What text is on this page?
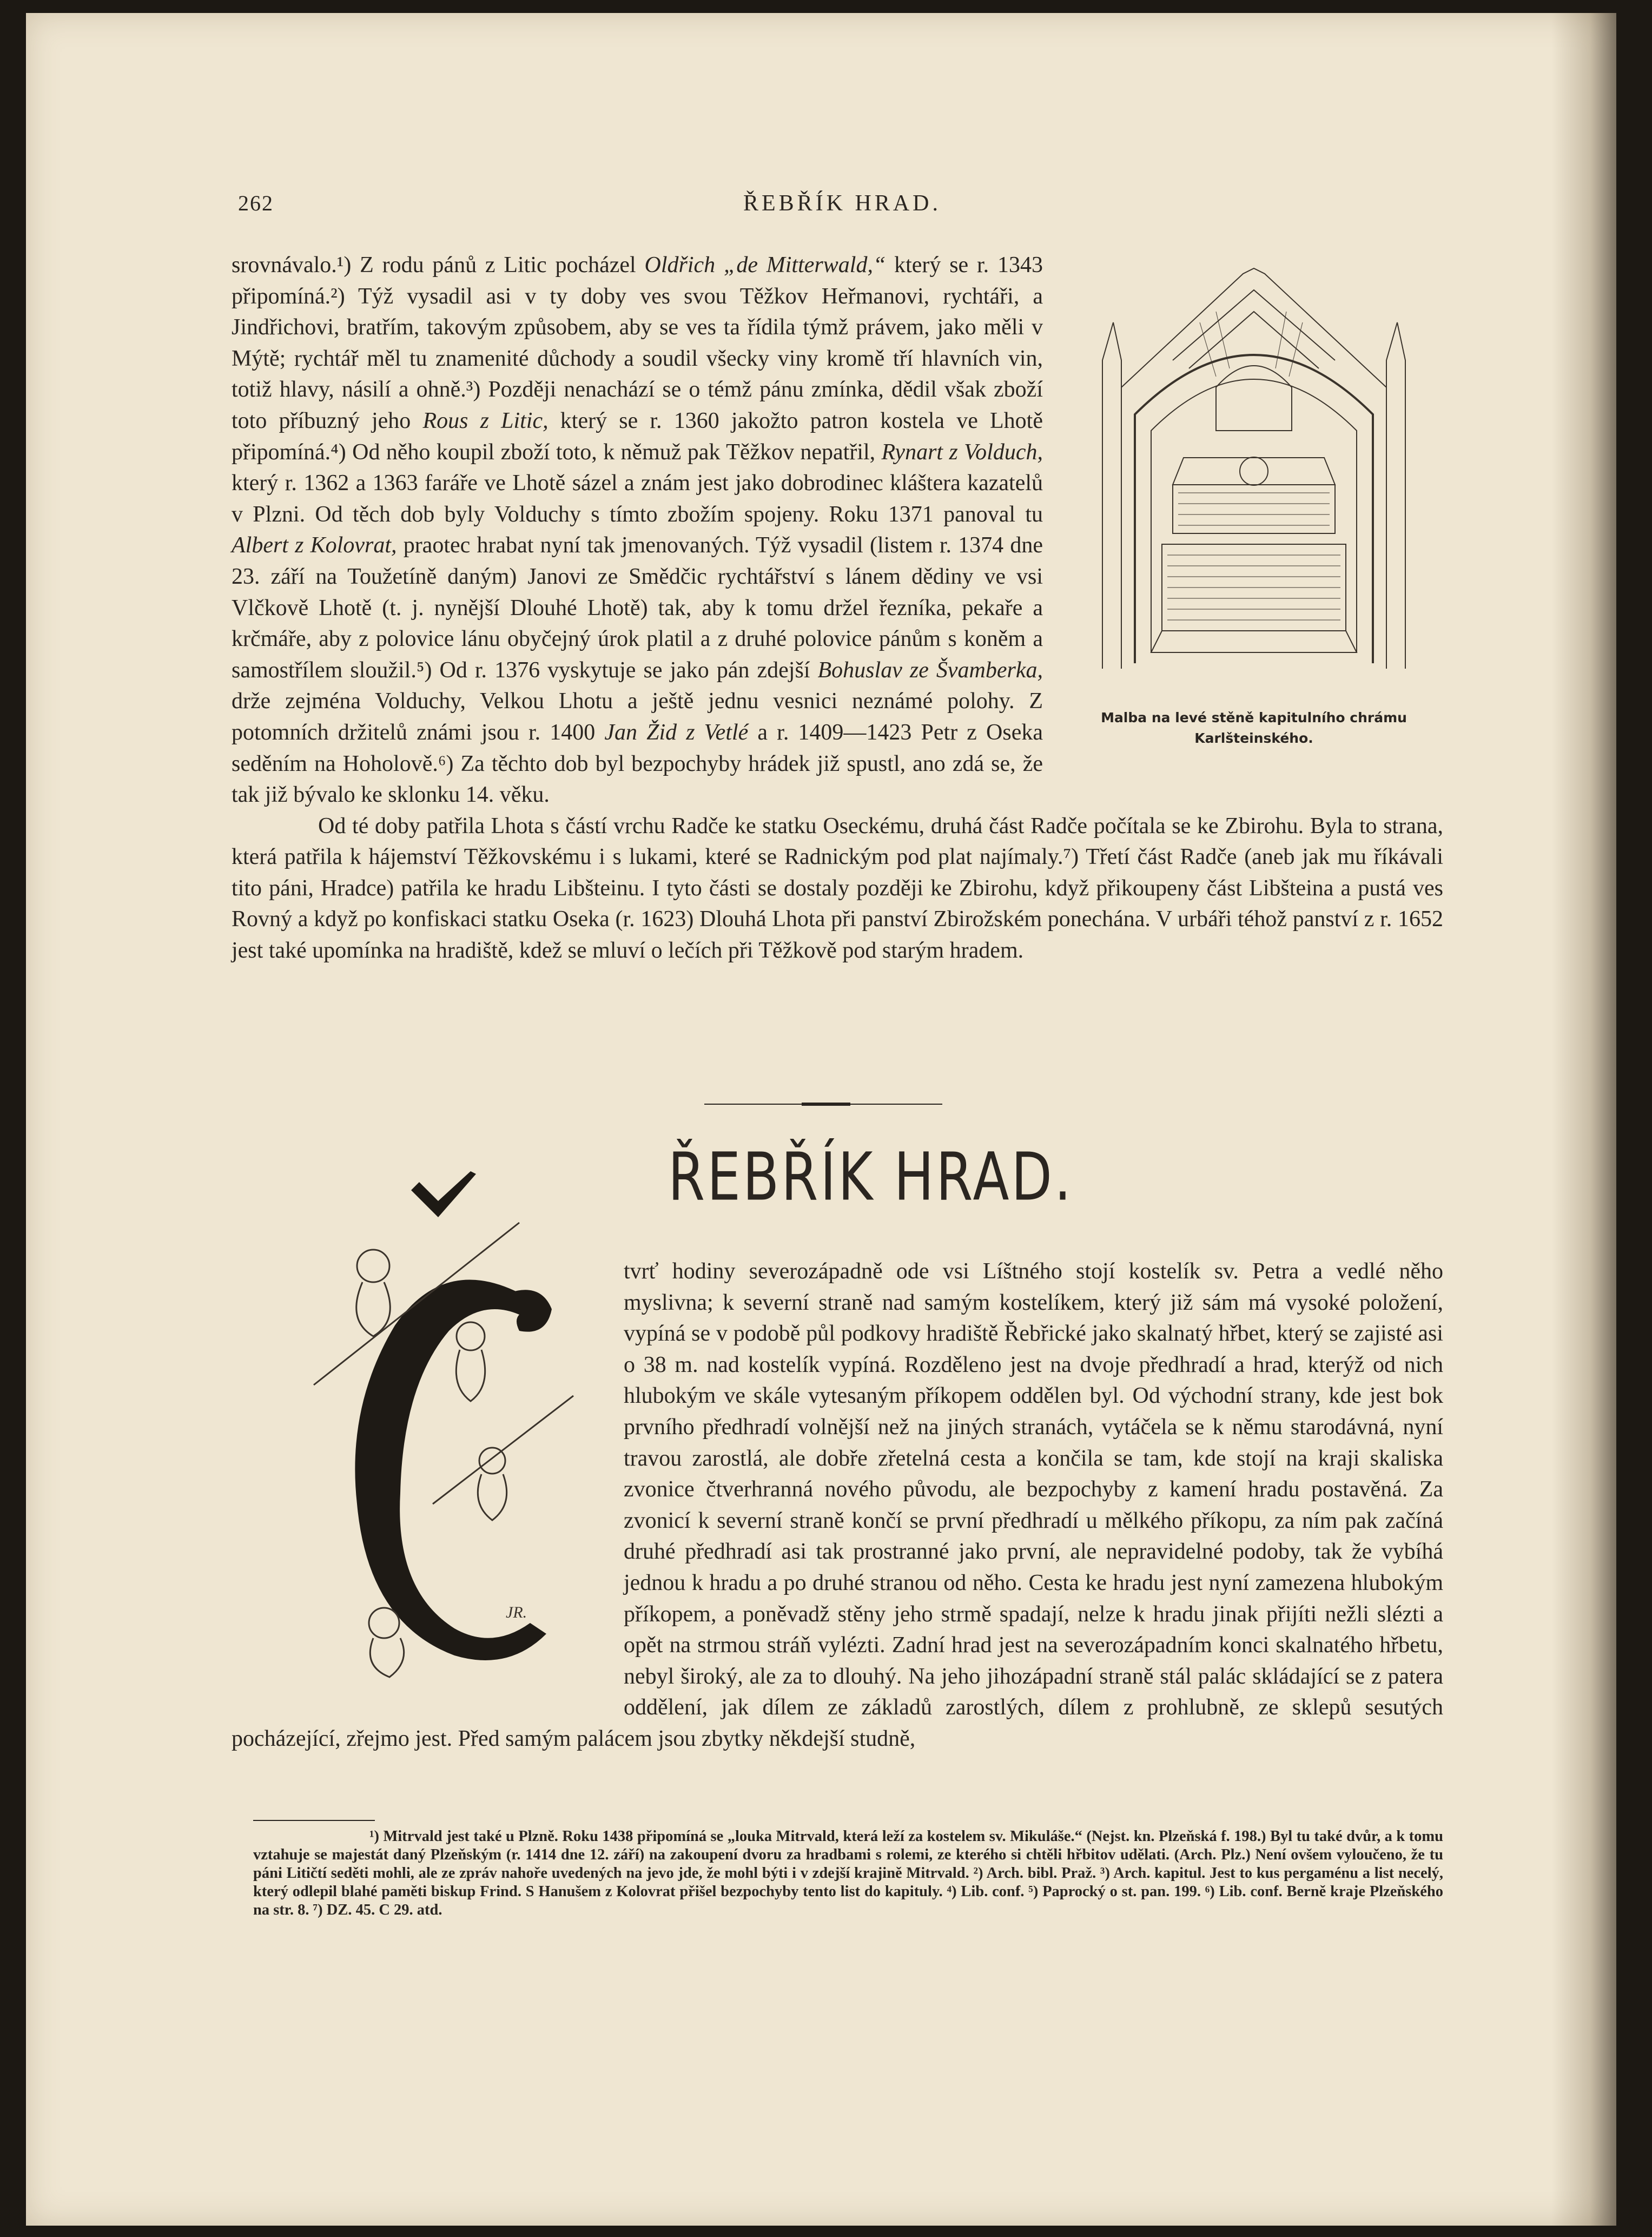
262	ŘEBŘÍK HRAD.
Malba na levé stěně kapitulního chrámu Karlšteinského.

srovnávalo.¹) Z rodu pánů z Litic pocházel Oldřich „de Mitterwald,“ který se r. 1343 připomíná.²) Týž vysadil asi v ty doby ves svou Těžkov Heřmanovi, rychtáři, a Jindřichovi, bratřím, takovým způsobem, aby se ves ta řídila týmž právem, jako měli v Mýtě; rychtář měl tu znamenité důchody a soudil všecky viny kromě tří hlavních vin, totiž hlavy, násilí a ohně.³) Později nenachází se o témž pánu zmínka, dědil však zboží toto příbuzný jeho Rous z Litic, který se r. 1360 jakožto patron kostela ve Lhotě připomíná.⁴) Od něho koupil zboží toto, k němuž pak Těžkov nepatřil, Rynart z Volduch, který r. 1362 a 1363 faráře ve Lhotě sázel a znám jest jako dobrodinec kláštera kazatelů v Plzni. Od těch dob byly Volduchy s tímto zbožím spojeny. Roku 1371 panoval tu Albert z Kolovrat, praotec hrabat nyní tak jmenovaných. Týž vysadil (listem r. 1374 dne 23. září na Toužetíně daným) Janovi ze Smědčic rychtářství s lánem dědiny ve vsi Vlčkově Lhotě (t. j. nynější Dlouhé Lhotě) tak, aby k tomu držel řezníka, pekaře a krčmáře, aby z polovice lánu obyčejný úrok platil a z druhé polovice pánům s koněm a samostřílem sloužil.⁵) Od r. 1376 vyskytuje se jako pán zdejší Bohuslav ze Švamberka, drže zejména Volduchy, Velkou Lhotu a ještě jednu vesnici neznámé polohy. Z potomních držitelů známi jsou r. 1400 Jan Žid z Vetlé a r. 1409—1423 Petr z Oseka seděním na Hoholově.⁶) Za těchto dob byl bezpochyby hrádek již spustl, ano zdá se, že tak již bývalo ke sklonku 14. věku.

Od té doby patřila Lhota s částí vrchu Radče ke statku Oseckému, druhá část Radče počítala se ke Zbirohu. Byla to strana, která patřila k hájemství Těžkovskému i s lukami, které se Radnickým pod plat najímaly.⁷) Třetí část Radče (aneb jak mu říkávali tito páni, Hradce) patřila ke hradu Libšteinu. I tyto části se dostaly později ke Zbirohu, když přikoupeny část Libšteina a pustá ves Rovný a když po konfiskaci statku Oseka (r. 1623) Dlouhá Lhota při panství Zbirožském ponechána. V urbáři téhož panství z r. 1652 jest také upomínka na hradiště, kdež se mluví o lečích při Těžkově pod starým hradem.

ŘEBŘÍK HRAD.
JR.

tvrť hodiny severozápadně ode vsi Líštného stojí kostelík sv. Petra a vedlé něho myslivna; k severní straně nad samým kostelíkem, který již sám má vysoké položení, vypíná se v podobě půl podkovy hradiště Řebřické jako skalnatý hřbet, který se zajisté asi o 38 m. nad kostelík vypíná. Rozděleno jest na dvoje předhradí a hrad, kterýž od nich hlubokým ve skále vytesaným příkopem oddělen byl. Od východní strany, kde jest bok prvního předhradí volnější než na jiných stranách, vytáčela se k němu starodávná, nyní travou zarostlá, ale dobře zřetelná cesta a končila se tam, kde stojí na kraji skaliska zvonice čtverhranná nového původu, ale bezpochyby z kamení hradu postavěná. Za zvonicí k severní straně končí se první předhradí u mělkého příkopu, za ním pak začíná druhé předhradí asi tak prostranné jako první, ale nepravidelné podoby, tak že vybíhá jednou k hradu a po druhé stranou od něho. Cesta ke hradu jest nyní zamezena hlubokým příkopem, a poněvadž stěny jeho strmě spadají, nelze k hradu jinak přijíti nežli slézti a opět na strmou stráň vylézti. Zadní hrad jest na severozápadním konci skalnatého hřbetu, nebyl široký, ale za to dlouhý. Na jeho jihozápadní straně stál palác skládající se z patera oddělení, jak dílem ze základů zarostlých, dílem z prohlubně, ze sklepů sesutých pocházející, zřejmo jest. Před samým palácem jsou zbytky někdejší studně,

¹) Mitrvald jest také u Plzně. Roku 1438 připomíná se „louka Mitrvald, která leží za kostelem sv. Mikuláše.“ (Nejst. kn. Plzeňská f. 198.) Byl tu také dvůr, a k tomu vztahuje se majestát daný Plzeňským (r. 1414 dne 12. září) na zakoupení dvoru za hradbami s rolemi, ze kterého si chtěli hřbitov udělati. (Arch. Plz.) Není ovšem vyloučeno, že tu páni Litičtí seděti mohli, ale ze zpráv nahoře uvedených na jevo jde, že mohl býti i v zdejší krajině Mitrvald. ²) Arch. bibl. Praž. ³) Arch. kapitul. Jest to kus pergaménu a list necelý, který odlepil blahé paměti biskup Frind. S Hanušem z Kolovrat přišel bezpochyby tento list do kapituly. ⁴) Lib. conf. ⁵) Paprocký o st. pan. 199. ⁶) Lib. conf. Berně kraje Plzeňského na str. 8. ⁷) DZ. 45. C 29. atd.
